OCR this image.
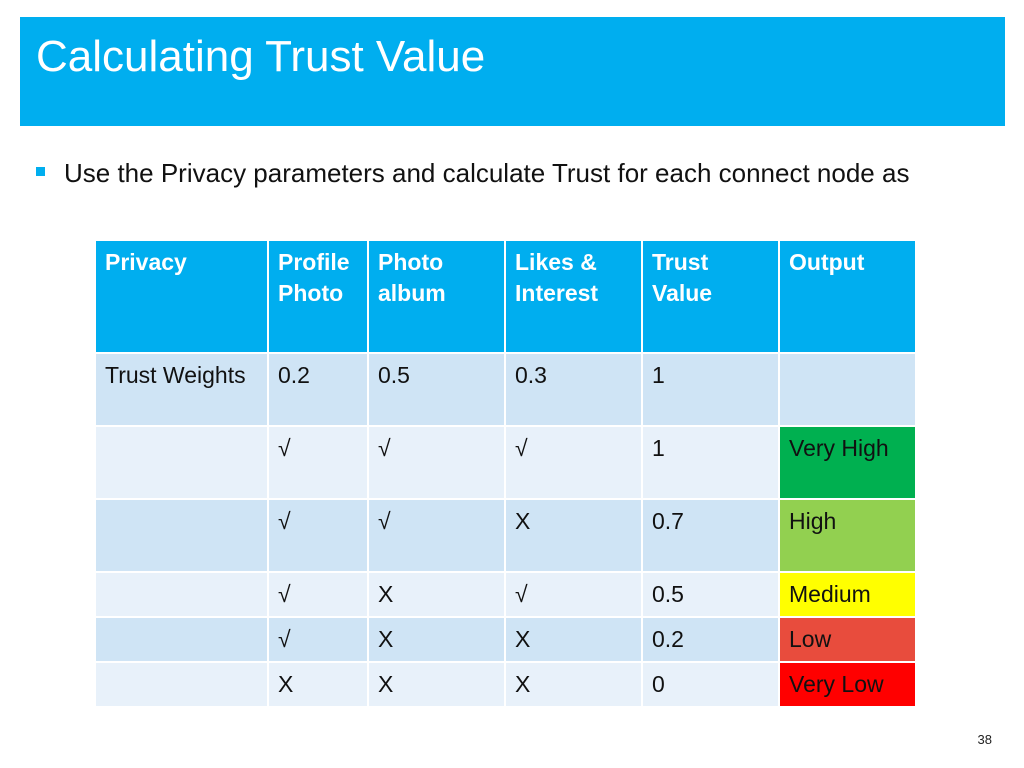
Calculating Trust Value
Use the Privacy parameters and calculate Trust for each connect node as
Privacy	Profile Photo	Photo album	Likes & Interest	Trust Value	Output
Trust Weights	0.2	0.5	0.3	1	
	√	√	√	1	Very High
	√	√	X	0.7	High
	√	X	√	0.5	Medium
	√	X	X	0.2	Low
	X	X	X	0	Very Low
38
